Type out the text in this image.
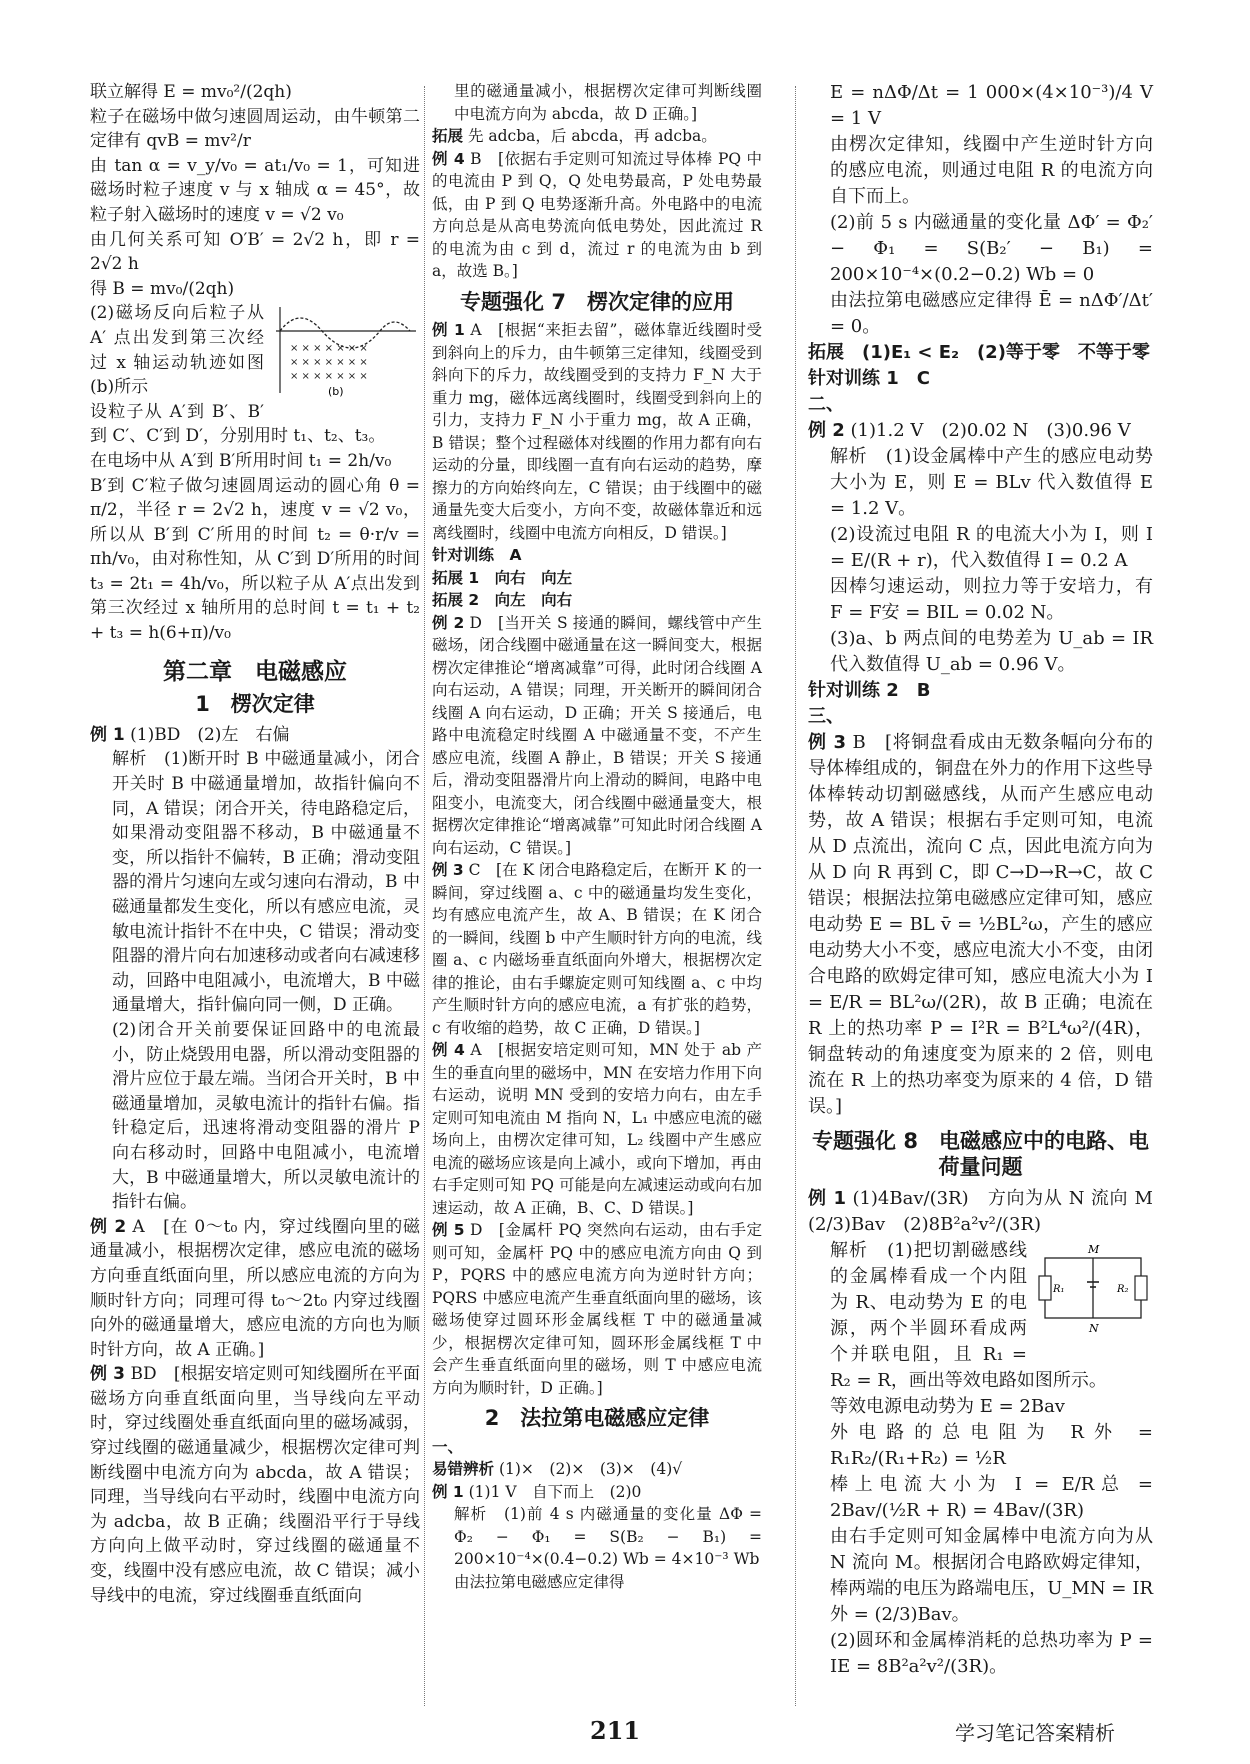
联立解得 E = mv₀²/(2qh)

粒子在磁场中做匀速圆周运动，由牛顿第二定律有 qvB = mv²/r

由 tan α = v_y/v₀ = at₁/v₀ = 1，可知进磁场时粒子速度 v 与 x 轴成 α = 45°，故粒子射入磁场时的速度 v = √2 v₀

由几何关系可知 O′B′ = 2√2 h，即 r = 2√2 h

得 B = mv₀/(2qh)

× × × × × × ×
× × × × × × ×
× × × × × × ×
(b)

(2)磁场反向后粒子从 A′ 点出发到第三次经过 x 轴运动轨迹如图(b)所示

设粒子从 A′到 B′、B′到 C′、C′到 D′，分别用时 t₁、t₂、t₃。

在电场中从 A′到 B′所用时间 t₁ = 2h/v₀

B′到 C′粒子做匀速圆周运动的圆心角 θ = π/2，半径 r = 2√2 h，速度 v = √2 v₀，所以从 B′到 C′所用的时间 t₂ = θ·r/v = πh/v₀，由对称性知，从 C′到 D′所用的时间 t₃ = 2t₁ = 4h/v₀，所以粒子从 A′点出发到第三次经过 x 轴所用的总时间 t = t₁ + t₂ + t₃ = h(6+π)/v₀

第二章　电磁感应
1　楞次定律

例 1 (1)BD　(2)左　右偏

解析　(1)断开时 B 中磁通量减小，闭合开关时 B 中磁通量增加，故指针偏向不同，A 错误；闭合开关，待电路稳定后，如果滑动变阻器不移动，B 中磁通量不变，所以指针不偏转，B 正确；滑动变阻器的滑片匀速向左或匀速向右滑动，B 中磁通量都发生变化，所以有感应电流，灵敏电流计指针不在中央，C 错误；滑动变阻器的滑片向右加速移动或者向右减速移动，回路中电阻减小，电流增大，B 中磁通量增大，指针偏向同一侧，D 正确。

(2)闭合开关前要保证回路中的电流最小，防止烧毁用电器，所以滑动变阻器的滑片应位于最左端。当闭合开关时，B 中磁通量增加，灵敏电流计的指针右偏。指针稳定后，迅速将滑动变阻器的滑片 P 向右移动时，回路中电阻减小，电流增大，B 中磁通量增大，所以灵敏电流计的指针右偏。

例 2 A　[在 0～t₀ 内，穿过线圈向里的磁通量减小，根据楞次定律，感应电流的磁场方向垂直纸面向里，所以感应电流的方向为顺时针方向；同理可得 t₀～2t₀ 内穿过线圈向外的磁通量增大，感应电流的方向也为顺时针方向，故 A 正确。]

例 3 BD　[根据安培定则可知线圈所在平面磁场方向垂直纸面向里，当导线向左平动时，穿过线圈处垂直纸面向里的磁场减弱，穿过线圈的磁通量减少，根据楞次定律可判断线圈中电流方向为 abcda，故 A 错误；同理，当导线向右平动时，线圈中电流方向为 adcba，故 B 正确；线圈沿平行于导线方向向上做平动时，穿过线圈的磁通量不变，线圈中没有感应电流，故 C 错误；减小导线中的电流，穿过线圈垂直纸面向

里的磁通量减小，根据楞次定律可判断线圈中电流方向为 abcda，故 D 正确。]

拓展 先 adcba，后 abcda，再 adcba。

例 4 B　[依据右手定则可知流过导体棒 PQ 中的电流由 P 到 Q，Q 处电势最高，P 处电势最低，由 P 到 Q 电势逐渐升高。外电路中的电流方向总是从高电势流向低电势处，因此流过 R 的电流为由 c 到 d，流过 r 的电流为由 b 到 a，故选 B。]

专题强化 7　楞次定律的应用

例 1 A　[根据“来拒去留”，磁体靠近线圈时受到斜向上的斥力，由牛顿第三定律知，线圈受到斜向下的斥力，故线圈受到的支持力 F_N 大于重力 mg，磁体远离线圈时，线圈受到斜向上的引力，支持力 F_N 小于重力 mg，故 A 正确，B 错误；整个过程磁体对线圈的作用力都有向右运动的分量，即线圈一直有向右运动的趋势，摩擦力的方向始终向左，C 错误；由于线圈中的磁通量先变大后变小，方向不变，故磁体靠近和远离线圈时，线圈中电流方向相反，D 错误。]

针对训练　A

拓展 1　向右　向左

拓展 2　向左　向右

例 2 D　[当开关 S 接通的瞬间，螺线管中产生磁场，闭合线圈中磁通量在这一瞬间变大，根据楞次定律推论“增离减靠”可得，此时闭合线圈 A 向右运动，A 错误；同理，开关断开的瞬间闭合线圈 A 向右运动，D 正确；开关 S 接通后，电路中电流稳定时线圈 A 中磁通量不变，不产生感应电流，线圈 A 静止，B 错误；开关 S 接通后，滑动变阻器滑片向上滑动的瞬间，电路中电阻变小，电流变大，闭合线圈中磁通量变大，根据楞次定律推论“增离减靠”可知此时闭合线圈 A 向右运动，C 错误。]

例 3 C　[在 K 闭合电路稳定后，在断开 K 的一瞬间，穿过线圈 a、c 中的磁通量均发生变化，均有感应电流产生，故 A、B 错误；在 K 闭合的一瞬间，线圈 b 中产生顺时针方向的电流，线圈 a、c 内磁场垂直纸面向外增大，根据楞次定律的推论，由右手螺旋定则可知线圈 a、c 中均产生顺时针方向的感应电流，a 有扩张的趋势，c 有收缩的趋势，故 C 正确，D 错误。]

例 4 A　[根据安培定则可知，MN 处于 ab 产生的垂直向里的磁场中，MN 在安培力作用下向右运动，说明 MN 受到的安培力向右，由左手定则可知电流由 M 指向 N，L₁ 中感应电流的磁场向上，由楞次定律可知，L₂ 线圈中产生感应电流的磁场应该是向上减小，或向下增加，再由右手定则可知 PQ 可能是向左减速运动或向右加速运动，故 A 正确，B、C、D 错误。]

例 5 D　[金属杆 PQ 突然向右运动，由右手定则可知，金属杆 PQ 中的感应电流方向由 Q 到 P，PQRS 中的感应电流方向为逆时针方向；PQRS 中感应电流产生垂直纸面向里的磁场，该磁场使穿过圆环形金属线框 T 中的磁通量减少，根据楞次定律可知，圆环形金属线框 T 中会产生垂直纸面向里的磁场，则 T 中感应电流方向为顺时针，D 正确。]

2　法拉第电磁感应定律

一、

易错辨析 (1)×　(2)×　(3)×　(4)√

例 1 (1)1 V　自下而上　(2)0

解析　(1)前 4 s 内磁通量的变化量 ΔΦ = Φ₂ − Φ₁ = S(B₂ − B₁) = 200×10⁻⁴×(0.4−0.2) Wb = 4×10⁻³ Wb

由法拉第电磁感应定律得

E = nΔΦ/Δt = 1 000×(4×10⁻³)/4 V = 1 V

由楞次定律知，线圈中产生逆时针方向的感应电流，则通过电阻 R 的电流方向自下而上。

(2)前 5 s 内磁通量的变化量 ΔΦ′ = Φ₂′ − Φ₁ = S(B₂′ − B₁) = 200×10⁻⁴×(0.2−0.2) Wb = 0

由法拉第电磁感应定律得 Ē = nΔΦ′/Δt′ = 0。

拓展　(1)E₁ < E₂　(2)等于零　不等于零

针对训练 1　C

二、

例 2 (1)1.2 V　(2)0.02 N　(3)0.96 V

解析　(1)设金属棒中产生的感应电动势大小为 E，则 E = BLv 代入数值得 E = 1.2 V。

(2)设流过电阻 R 的电流大小为 I，则 I = E/(R + r)，代入数值得 I = 0.2 A

因棒匀速运动，则拉力等于安培力，有 F = F安 = BIL = 0.02 N。

(3)a、b 两点间的电势差为 U_ab = IR 代入数值得 U_ab = 0.96 V。

针对训练 2　B

三、

例 3 B　[将铜盘看成由无数条幅向分布的导体棒组成的，铜盘在外力的作用下这些导体棒转动切割磁感线，从而产生感应电动势，故 A 错误；根据右手定则可知，电流从 D 点流出，流向 C 点，因此电流方向为从 D 向 R 再到 C，即 C→D→R→C，故 C 错误；根据法拉第电磁感应定律可知，感应电动势 E = BL v̄ = ½BL²ω，产生的感应电动势大小不变，感应电流大小不变，由闭合电路的欧姆定律可知，感应电流大小为 I = E/R = BL²ω/(2R)，故 B 正确；电流在 R 上的热功率 P = I²R = B²L⁴ω²/(4R)，铜盘转动的角速度变为原来的 2 倍，则电流在 R 上的热功率变为原来的 4 倍，D 错误。]

专题强化 8　电磁感应中的电路、电荷量问题

例 1 (1)4Bav/(3R)　方向为从 N 流向 M　(2/3)Bav　(2)8B²a²v²/(3R)

M
N
R₁	R₂

解析　(1)把切割磁感线的金属棒看成一个内阻为 R、电动势为 E 的电源，两个半圆环看成两个并联电阻，且 R₁ = R₂ = R，画出等效电路如图所示。

等效电源电动势为 E = 2Bav

外电路的总电阻为 R外 = R₁R₂/(R₁+R₂) = ½R

棒上电流大小为 I = E/R总 = 2Bav/(½R + R) = 4Bav/(3R)

由右手定则可知金属棒中电流方向为从 N 流向 M。根据闭合电路欧姆定律知，棒两端的电压为路端电压，U_MN = IR外 = (2/3)Bav。

(2)圆环和金属棒消耗的总热功率为 P = IE = 8B²a²v²/(3R)。

211	学习笔记答案精析
